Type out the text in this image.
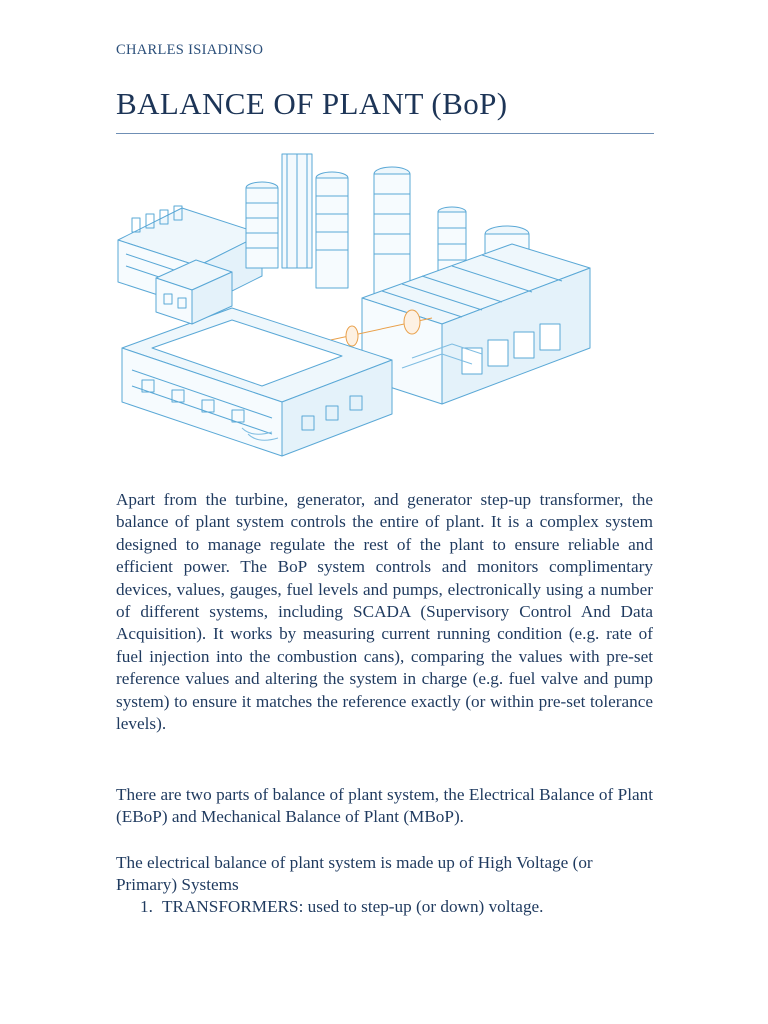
CHARLES ISIADINSO
BALANCE OF PLANT (BoP)

Apart from the turbine, generator, and generator step-up transformer, the balance of plant system controls the entire of plant. It is a complex system designed to manage regulate the rest of the plant to ensure reliable and efficient power. The BoP system controls and monitors complimentary devices, values, gauges, fuel levels and pumps, electronically using a number of different systems, including SCADA (Supervisory Control And Data Acquisition). It works by measuring current running condition (e.g. rate of fuel injection into the combustion cans), comparing the values with pre-set reference values and altering the system in charge (e.g. fuel valve and pump system) to ensure it matches the reference exactly (or within pre-set tolerance levels).

There are two parts of balance of plant system, the Electrical Balance of Plant (EBoP) and Mechanical Balance of Plant (MBoP).

The electrical balance of plant system is made up of High Voltage (or Primary) Systems

1. TRANSFORMERS: used to step-up (or down) voltage.
